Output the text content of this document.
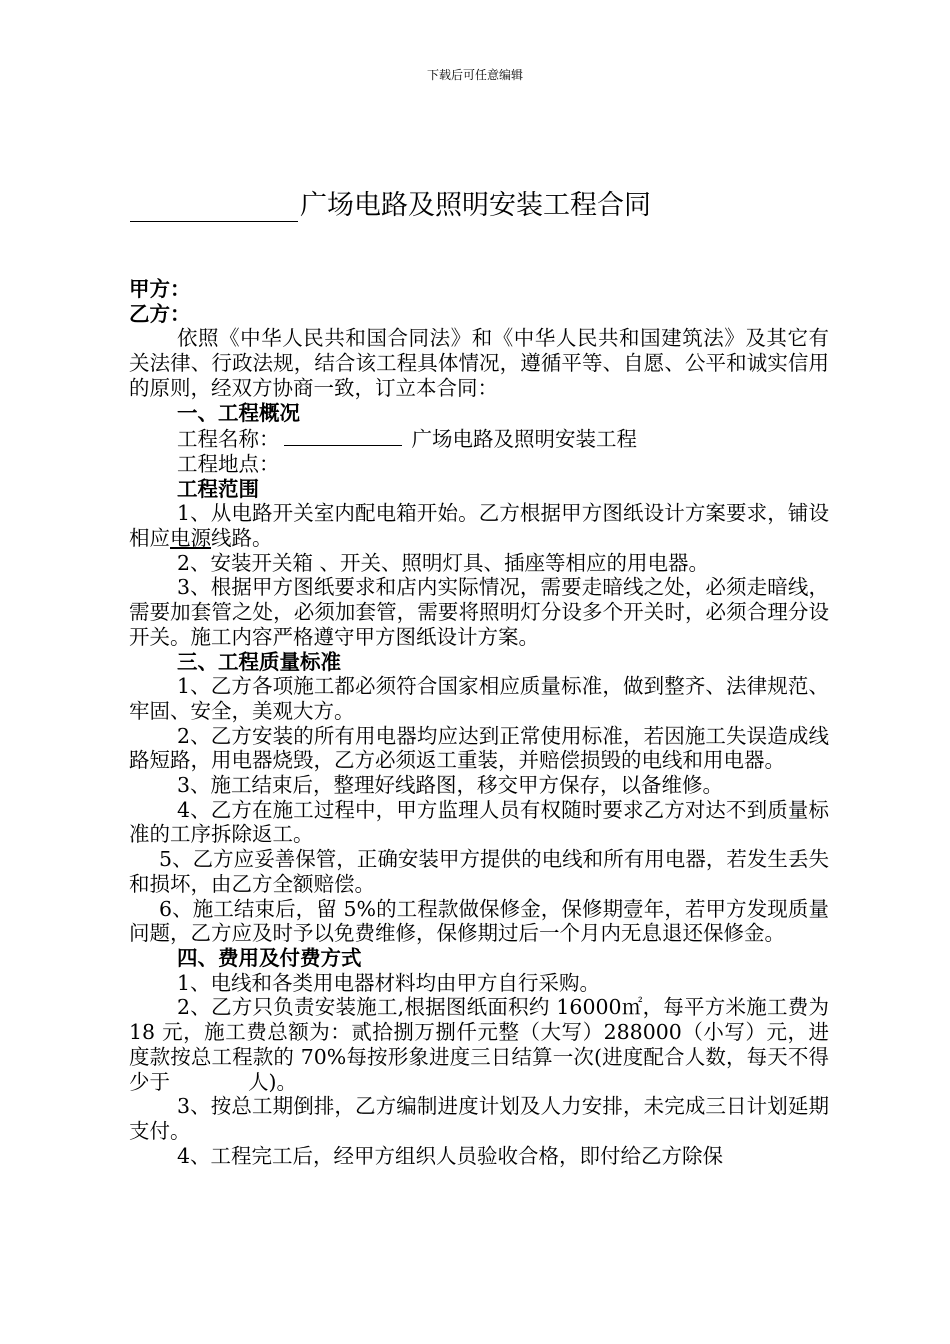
下载后可任意编辑
广场电路及照明安装工程合同

甲方：

乙方：

依照《中华人民共和国合同法》和《中华人民共和国建筑法》及其它有关法律、行政法规，结合该工程具体情况，遵循平等、自愿、公平和诚实信用的原则，经双方协商一致，订立本合同：

一、工程概况

工程名称：	广场电路及照明安装工程

工程地点：

工程范围

1、从电路开关室内配电箱开始。乙方根据甲方图纸设计方案要求，铺设相应电源线路。

2、安装开关箱 、开关、照明灯具、插座等相应的用电器。

3、根据甲方图纸要求和店内实际情况，需要走暗线之处，必须走暗线，需要加套管之处，必须加套管，需要将照明灯分设多个开关时，必须合理分设开关。施工内容严格遵守甲方图纸设计方案。

三、工程质量标准

1、乙方各项施工都必须符合国家相应质量标准，做到整齐、法律规范、牢固、安全，美观大方。

2、乙方安装的所有用电器均应达到正常使用标准，若因施工失误造成线路短路，用电器烧毁，乙方必须返工重装，并赔偿损毁的电线和用电器。

3、施工结束后，整理好线路图，移交甲方保存，以备维修。

4、乙方在施工过程中，甲方监理人员有权随时要求乙方对达不到质量标准的工序拆除返工。

5、乙方应妥善保管，正确安装甲方提供的电线和所有用电器，若发生丢失和损坏，由乙方全额赔偿。

6、施工结束后，留 5%的工程款做保修金，保修期壹年，若甲方发现质量问题，乙方应及时予以免费维修，保修期过后一个月内无息退还保修金。

四、费用及付费方式

1、电线和各类用电器材料均由甲方自行采购。

2、乙方只负责安装施工,根据图纸面积约 16000㎡，每平方米施工费为 18 元，施工费总额为：贰拾捌万捌仟元整（大写）288000（小写）元，进度款按总工程款的 70%每按形象进度三日结算一次(进度配合人数，每天不得少于	人)。

3、按总工期倒排，乙方编制进度计划及人力安排，未完成三日计划延期支付。

4、工程完工后，经甲方组织人员验收合格，即付给乙方除保
